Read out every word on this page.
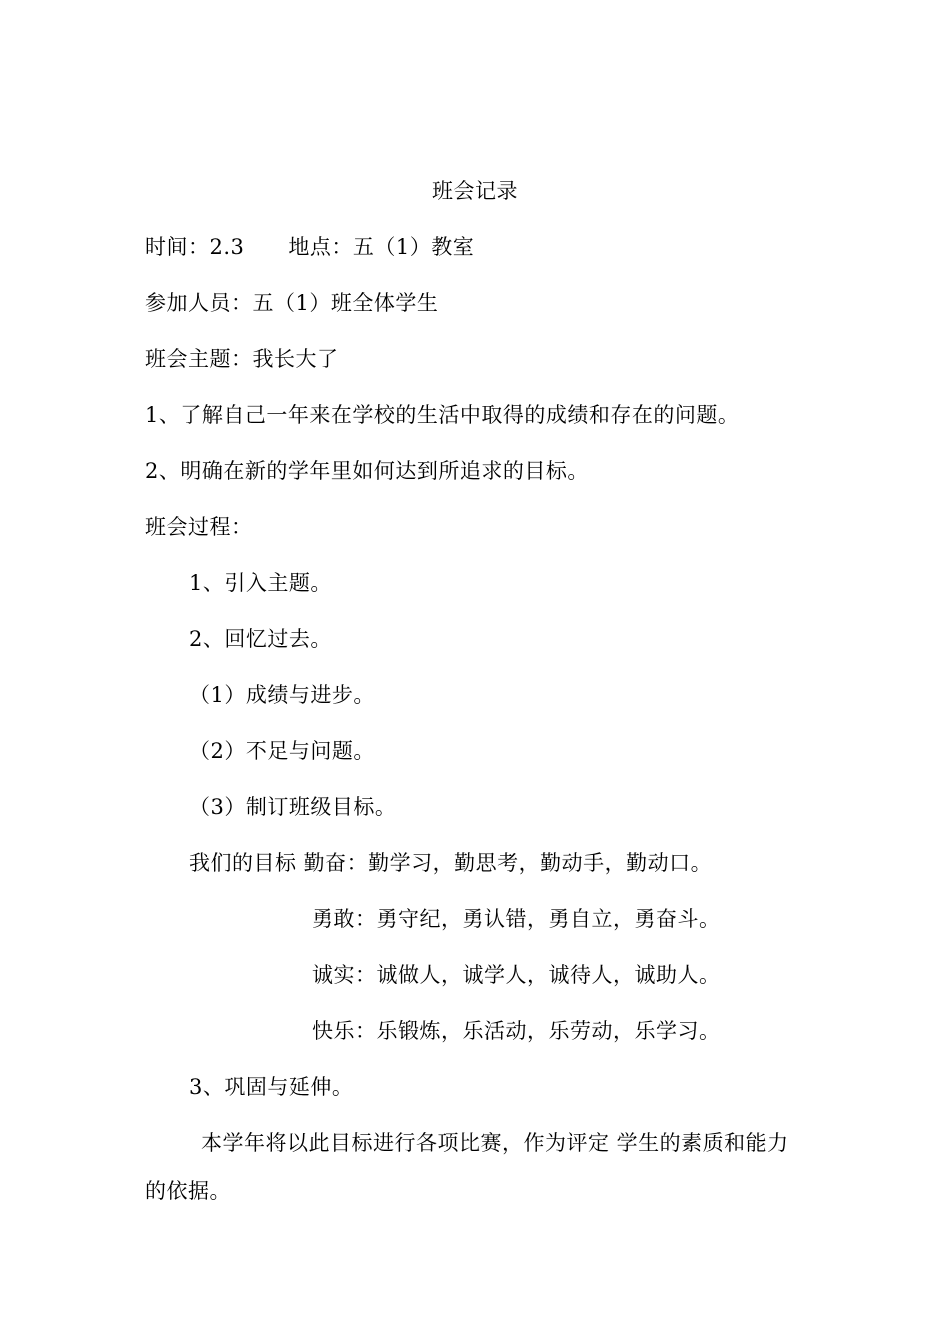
班会记录
时间：2.3 地点：五（1）教室
参加人员：五（1）班全体学生
班会主题：我长大了
1、了解自己一年来在学校的生活中取得的成绩和存在的问题。
2、明确在新的学年里如何达到所追求的目标。
班会过程：
1、引入主题。
2、回忆过去。
（1）成绩与进步。
（2）不足与问题。
（3）制订班级目标。
我们的目标 勤奋：勤学习，勤思考，勤动手，勤动口。
勇敢：勇守纪，勇认错，勇自立，勇奋斗。
诚实：诚做人，诚学人，诚待人，诚助人。
快乐：乐锻炼，乐活动，乐劳动，乐学习。
3、巩固与延伸。
本学年将以此目标进行各项比赛，作为评定 学生的素质和能力
的依据。
